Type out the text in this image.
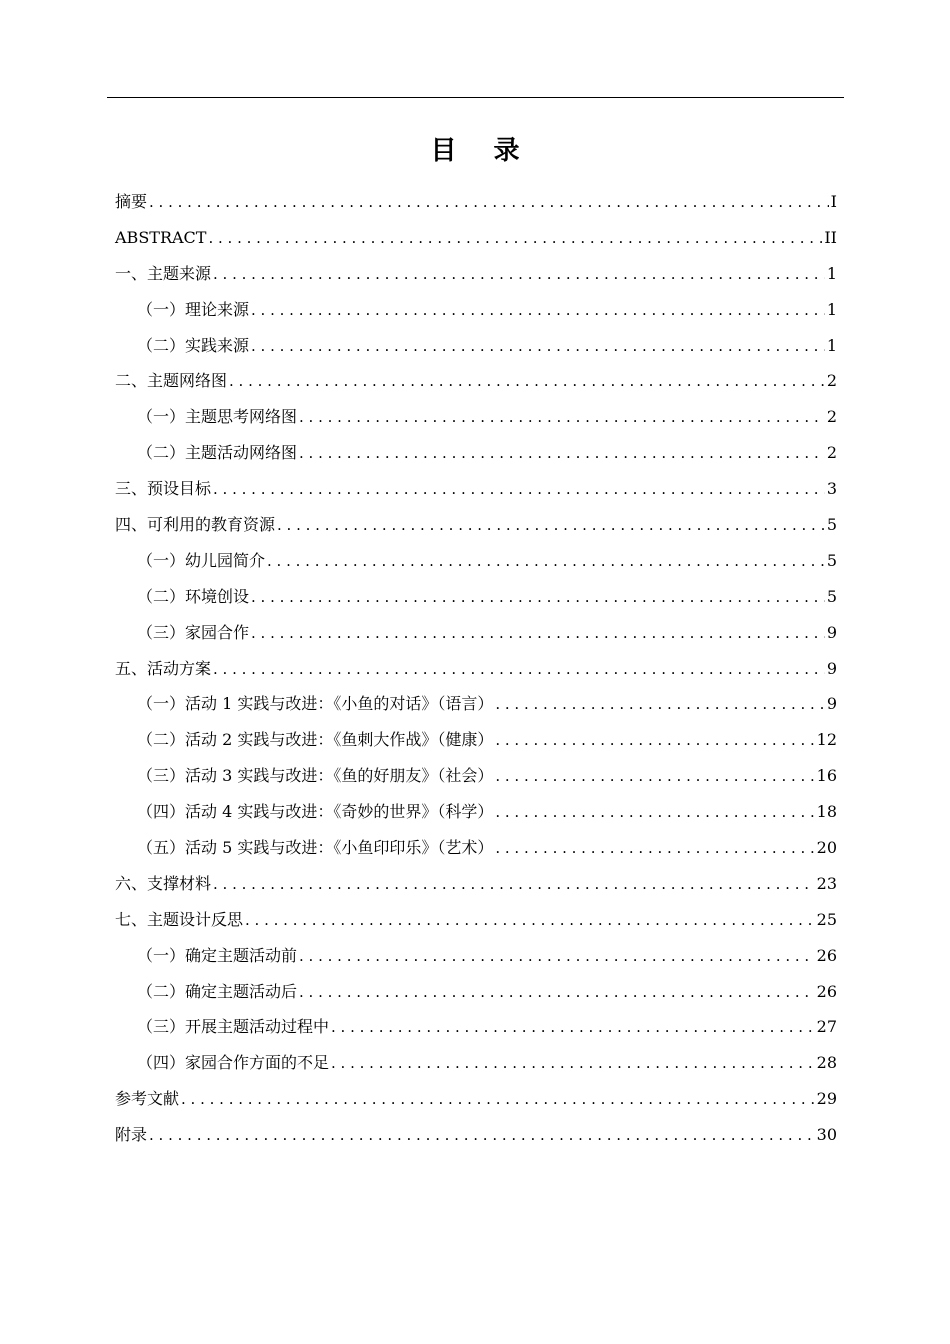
目 录
摘要 . . .	I
ABSTRACT . . .	II
一、主题来源 . . .	1
（一）理论来源 . . .	1
（二）实践来源 . . .	1
二、主题网络图 . . .	2
（一）主题思考网络图 . . .	2
（二）主题活动网络图 . . .	2
三、预设目标 . . .	3
四、可利用的教育资源 . . .	5
（一）幼儿园简介 . . .	5
（二）环境创设 . . .	5
（三）家园合作 . . .	9
五、活动方案 . . .	9
（一）活动 1 实践与改进：《小鱼的对话》（语言） . . .	9
（二）活动 2 实践与改进：《鱼刺大作战》（健康） . . .	12
（三）活动 3 实践与改进：《鱼的好朋友》（社会） . . .	16
（四）活动 4 实践与改进：《奇妙的世界》（科学） . . .	18
（五）活动 5 实践与改进：《小鱼印印乐》（艺术） . . .	20
六、支撑材料 . . .	23
七、主题设计反思 . . .	25
（一）确定主题活动前 . . .	26
（二）确定主题活动后 . . .	26
（三）开展主题活动过程中 . . .	27
（四）家园合作方面的不足 . . .	28
参考文献 . . .	29
附录 . . .	30
